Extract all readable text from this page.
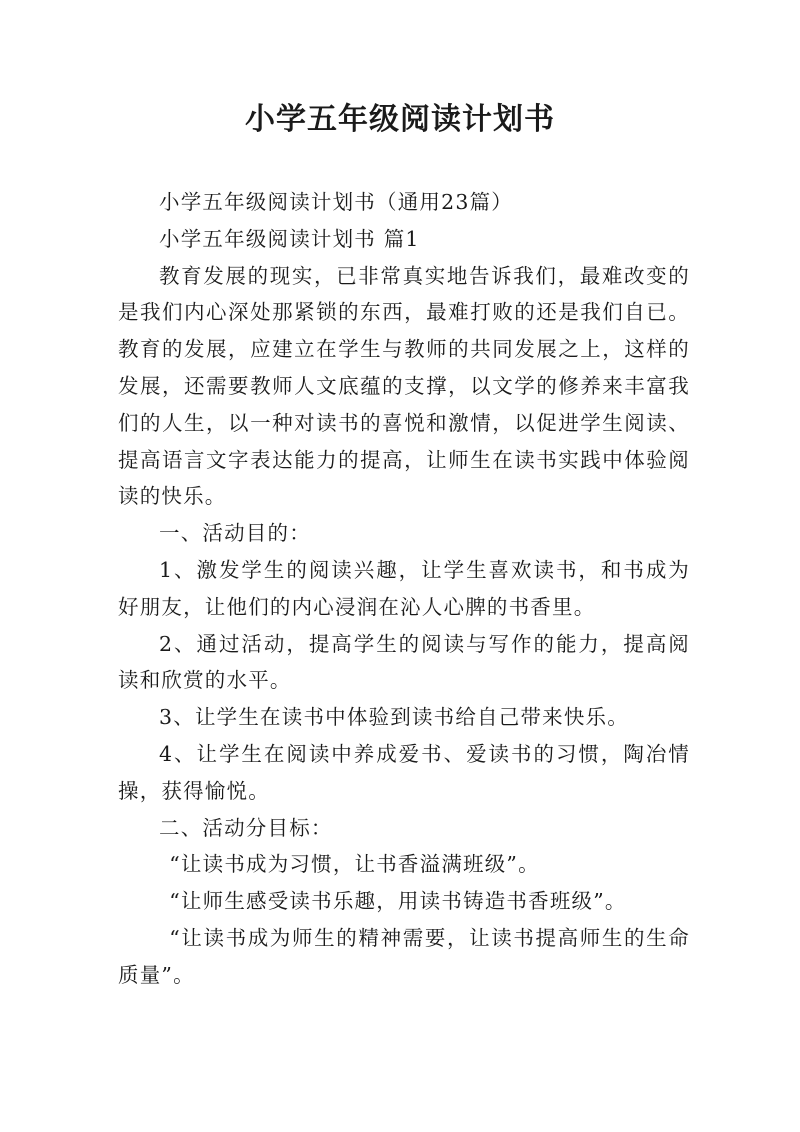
小学五年级阅读计划书

小学五年级阅读计划书（通用23篇）

小学五年级阅读计划书 篇1

教育发展的现实，已非常真实地告诉我们，最难改变的是我们内心深处那紧锁的东西，最难打败的还是我们自已。教育的发展，应建立在学生与教师的共同发展之上，这样的发展，还需要教师人文底蕴的支撑，以文学的修养来丰富我们的人生，以一种对读书的喜悦和激情，以促进学生阅读、提高语言文字表达能力的提高，让师生在读书实践中体验阅读的快乐。

一、活动目的：

1、激发学生的阅读兴趣，让学生喜欢读书，和书成为好朋友，让他们的内心浸润在沁人心脾的书香里。

2、通过活动，提高学生的阅读与写作的能力，提高阅读和欣赏的水平。

3、让学生在读书中体验到读书给自己带来快乐。

4、让学生在阅读中养成爱书、爱读书的习惯，陶冶情操，获得愉悦。

二、活动分目标：

“让读书成为习惯，让书香溢满班级”。

“让师生感受读书乐趣，用读书铸造书香班级”。

“让读书成为师生的精神需要，让读书提高师生的生命质量”。
